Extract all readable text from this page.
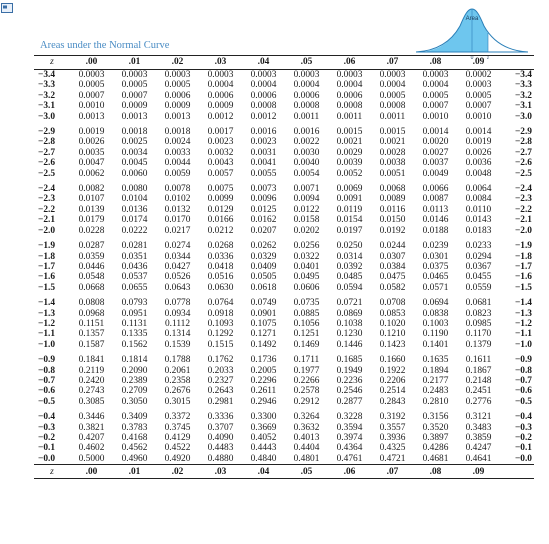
Area
0	z
Areas under the Normal Curve
z	.00	.01	.02	.03	.04	.05	.06	.07	.08	.09	
−3.4	0.0003	0.0003	0.0003	0.0003	0.0003	0.0003	0.0003	0.0003	0.0003	0.0002	−3.4
−3.3	0.0005	0.0005	0.0005	0.0004	0.0004	0.0004	0.0004	0.0004	0.0004	0.0003	−3.3
−3.2	0.0007	0.0007	0.0006	0.0006	0.0006	0.0006	0.0006	0.0005	0.0005	0.0005	−3.2
−3.1	0.0010	0.0009	0.0009	0.0009	0.0008	0.0008	0.0008	0.0008	0.0007	0.0007	−3.1
−3.0	0.0013	0.0013	0.0013	0.0012	0.0012	0.0011	0.0011	0.0011	0.0010	0.0010	−3.0
−2.9	0.0019	0.0018	0.0018	0.0017	0.0016	0.0016	0.0015	0.0015	0.0014	0.0014	−2.9
−2.8	0.0026	0.0025	0.0024	0.0023	0.0023	0.0022	0.0021	0.0021	0.0020	0.0019	−2.8
−2.7	0.0035	0.0034	0.0033	0.0032	0.0031	0.0030	0.0029	0.0028	0.0027	0.0026	−2.7
−2.6	0.0047	0.0045	0.0044	0.0043	0.0041	0.0040	0.0039	0.0038	0.0037	0.0036	−2.6
−2.5	0.0062	0.0060	0.0059	0.0057	0.0055	0.0054	0.0052	0.0051	0.0049	0.0048	−2.5
−2.4	0.0082	0.0080	0.0078	0.0075	0.0073	0.0071	0.0069	0.0068	0.0066	0.0064	−2.4
−2.3	0.0107	0.0104	0.0102	0.0099	0.0096	0.0094	0.0091	0.0089	0.0087	0.0084	−2.3
−2.2	0.0139	0.0136	0.0132	0.0129	0.0125	0.0122	0.0119	0.0116	0.0113	0.0110	−2.2
−2.1	0.0179	0.0174	0.0170	0.0166	0.0162	0.0158	0.0154	0.0150	0.0146	0.0143	−2.1
−2.0	0.0228	0.0222	0.0217	0.0212	0.0207	0.0202	0.0197	0.0192	0.0188	0.0183	−2.0
−1.9	0.0287	0.0281	0.0274	0.0268	0.0262	0.0256	0.0250	0.0244	0.0239	0.0233	−1.9
−1.8	0.0359	0.0351	0.0344	0.0336	0.0329	0.0322	0.0314	0.0307	0.0301	0.0294	−1.8
−1.7	0.0446	0.0436	0.0427	0.0418	0.0409	0.0401	0.0392	0.0384	0.0375	0.0367	−1.7
−1.6	0.0548	0.0537	0.0526	0.0516	0.0505	0.0495	0.0485	0.0475	0.0465	0.0455	−1.6
−1.5	0.0668	0.0655	0.0643	0.0630	0.0618	0.0606	0.0594	0.0582	0.0571	0.0559	−1.5
−1.4	0.0808	0.0793	0.0778	0.0764	0.0749	0.0735	0.0721	0.0708	0.0694	0.0681	−1.4
−1.3	0.0968	0.0951	0.0934	0.0918	0.0901	0.0885	0.0869	0.0853	0.0838	0.0823	−1.3
−1.2	0.1151	0.1131	0.1112	0.1093	0.1075	0.1056	0.1038	0.1020	0.1003	0.0985	−1.2
−1.1	0.1357	0.1335	0.1314	0.1292	0.1271	0.1251	0.1230	0.1210	0.1190	0.1170	−1.1
−1.0	0.1587	0.1562	0.1539	0.1515	0.1492	0.1469	0.1446	0.1423	0.1401	0.1379	−1.0
−0.9	0.1841	0.1814	0.1788	0.1762	0.1736	0.1711	0.1685	0.1660	0.1635	0.1611	−0.9
−0.8	0.2119	0.2090	0.2061	0.2033	0.2005	0.1977	0.1949	0.1922	0.1894	0.1867	−0.8
−0.7	0.2420	0.2389	0.2358	0.2327	0.2296	0.2266	0.2236	0.2206	0.2177	0.2148	−0.7
−0.6	0.2743	0.2709	0.2676	0.2643	0.2611	0.2578	0.2546	0.2514	0.2483	0.2451	−0.6
−0.5	0.3085	0.3050	0.3015	0.2981	0.2946	0.2912	0.2877	0.2843	0.2810	0.2776	−0.5
−0.4	0.3446	0.3409	0.3372	0.3336	0.3300	0.3264	0.3228	0.3192	0.3156	0.3121	−0.4
−0.3	0.3821	0.3783	0.3745	0.3707	0.3669	0.3632	0.3594	0.3557	0.3520	0.3483	−0.3
−0.2	0.4207	0.4168	0.4129	0.4090	0.4052	0.4013	0.3974	0.3936	0.3897	0.3859	−0.2
−0.1	0.4602	0.4562	0.4522	0.4483	0.4443	0.4404	0.4364	0.4325	0.4286	0.4247	−0.1
−0.0	0.5000	0.4960	0.4920	0.4880	0.4840	0.4801	0.4761	0.4721	0.4681	0.4641	−0.0
z	.00	.01	.02	.03	.04	.05	.06	.07	.08	.09	
